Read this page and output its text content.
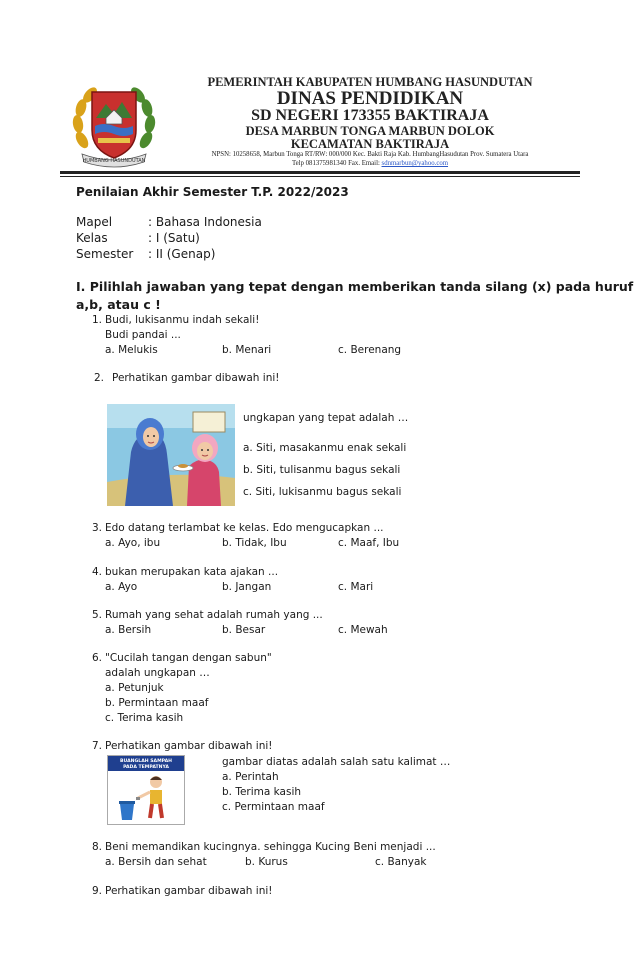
HUMBANG HASUNDUTAN
PEMERINTAH KABUPATEN HUMBANG HASUNDUTAN
DINAS PENDIDIKAN
SD NEGERI 173355 BAKTIRAJA
DESA MARBUN TONGA MARBUN DOLOK
KECAMATAN BAKTIRAJA
NPSN: 10258658, Marbun Tonga RT/RW: 000/000 Kec. Bakti Raja Kab. HumbangHasudutan Prov. Sumatera Utara
Telp 081375981340 Fax. Email: sdnmarbun@yahoo.com
Penilaian Akhir Semester T.P. 2022/2023
Mapel	: Bahasa Indonesia
Kelas	: I (Satu)
Semester : II (Genap)
I. Pilihlah jawaban yang tepat dengan memberikan tanda silang (x) pada huruf
a,b, atau c !
1. Budi, lukisanmu indah sekali!
Budi pandai ...
a. Melukis	b. Menari	c. Berenang
2. Perhatikan gambar dibawah ini!
ungkapan yang tepat adalah …
a. Siti, masakanmu enak sekali
b. Siti, tulisanmu bagus sekali
c. Siti, lukisanmu bagus sekali
3. Edo datang terlambat ke kelas. Edo mengucapkan ...
a. Ayo, ibu	b. Tidak, Ibu	c. Maaf, Ibu
4. bukan merupakan kata ajakan ...
a. Ayo	b. Jangan	c. Mari
5. Rumah yang sehat adalah rumah yang ...
a. Bersih	b. Besar	c. Mewah
6. "Cucilah tangan dengan sabun"
adalah ungkapan …
a. Petunjuk
b. Permintaan maaf
c. Terima kasih
7. Perhatikan gambar dibawah ini!
BUANGLAH SAMPAH
PADA TEMPATNYA	gambar diatas adalah salah satu kalimat …
a. Perintah
b. Terima kasih
c. Permintaan maaf
8. Beni memandikan kucingnya. sehingga Kucing Beni menjadi ...
a. Bersih dan sehat	b. Kurus	c. Banyak
9. Perhatikan gambar dibawah ini!
